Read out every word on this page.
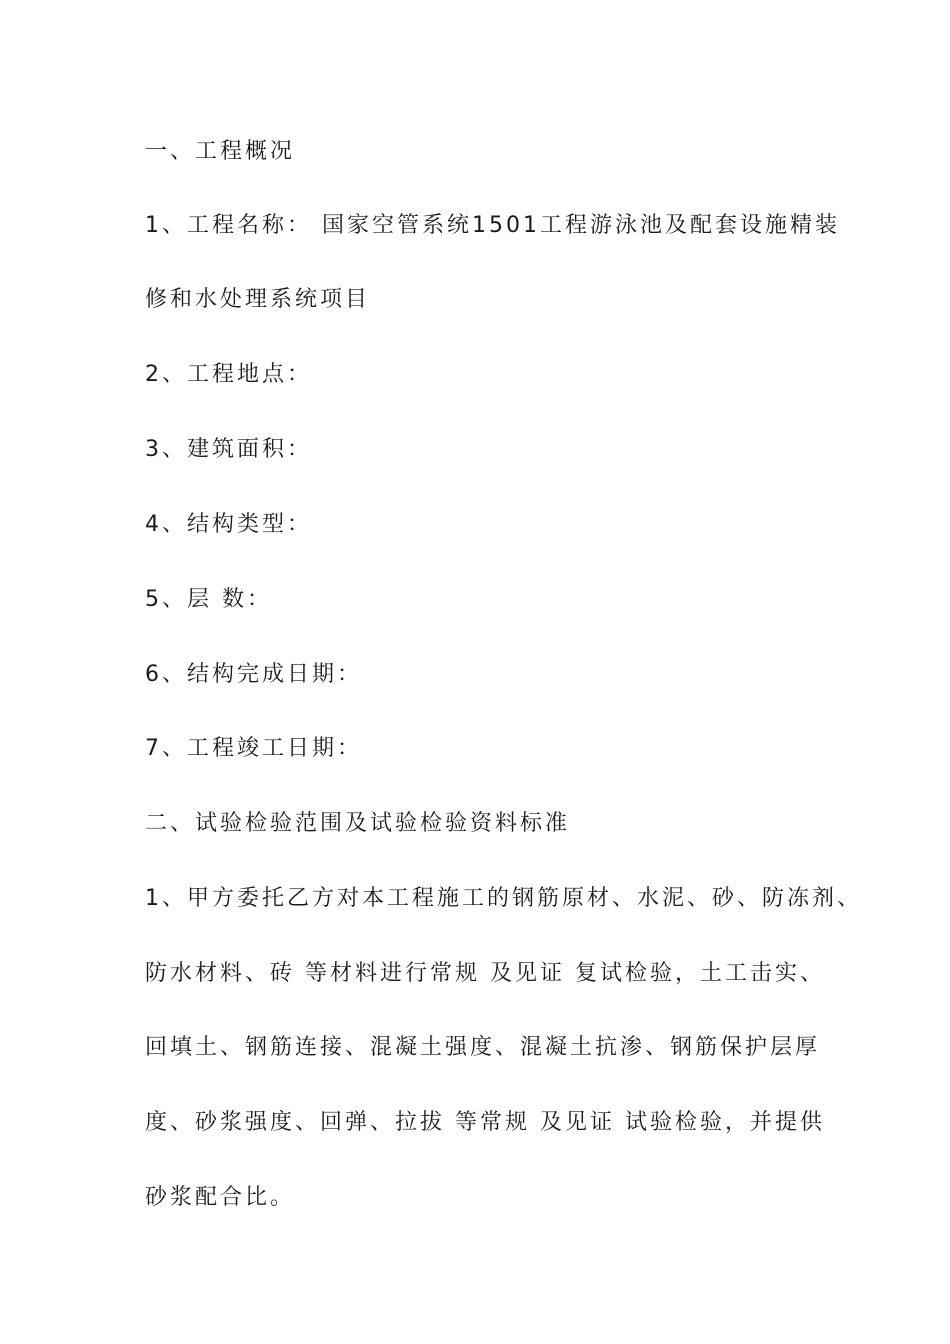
一、工程概况
1、工程名称： 国家空管系统1501工程游泳池及配套设施精装
修和水处理系统项目
2、工程地点：
3、建筑面积：
4、结构类型：
5、层 数：
6、结构完成日期：
7、工程竣工日期：
二、试验检验范围及试验检验资料标准
1、甲方委托乙方对本工程施工的钢筋原材、水泥、砂、防冻剂、
防水材料、砖 等材料进行常规 及见证 复试检验，土工击实、
回填土、钢筋连接、混凝土强度、混凝土抗渗、钢筋保护层厚
度、砂浆强度、回弹、拉拔 等常规 及见证 试验检验，并提供
砂浆配合比。
